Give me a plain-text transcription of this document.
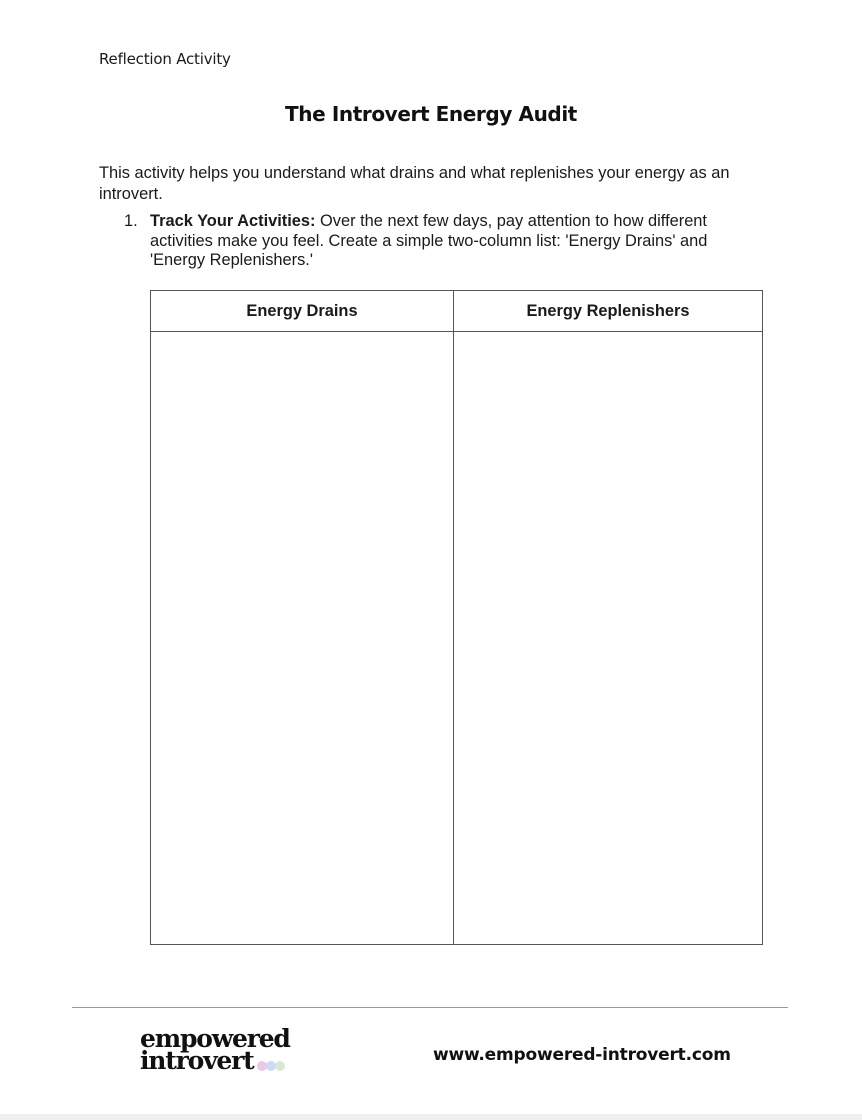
Reflection Activity
The Introvert Energy Audit
This activity helps you understand what drains and what replenishes your energy as an introvert.
1. Track Your Activities: Over the next few days, pay attention to how different activities make you feel. Create a simple two-column list: 'Energy Drains' and 'Energy Replenishers.'
Energy Drains	Energy Replenishers

empowered
introvert	www.empowered-introvert.com
